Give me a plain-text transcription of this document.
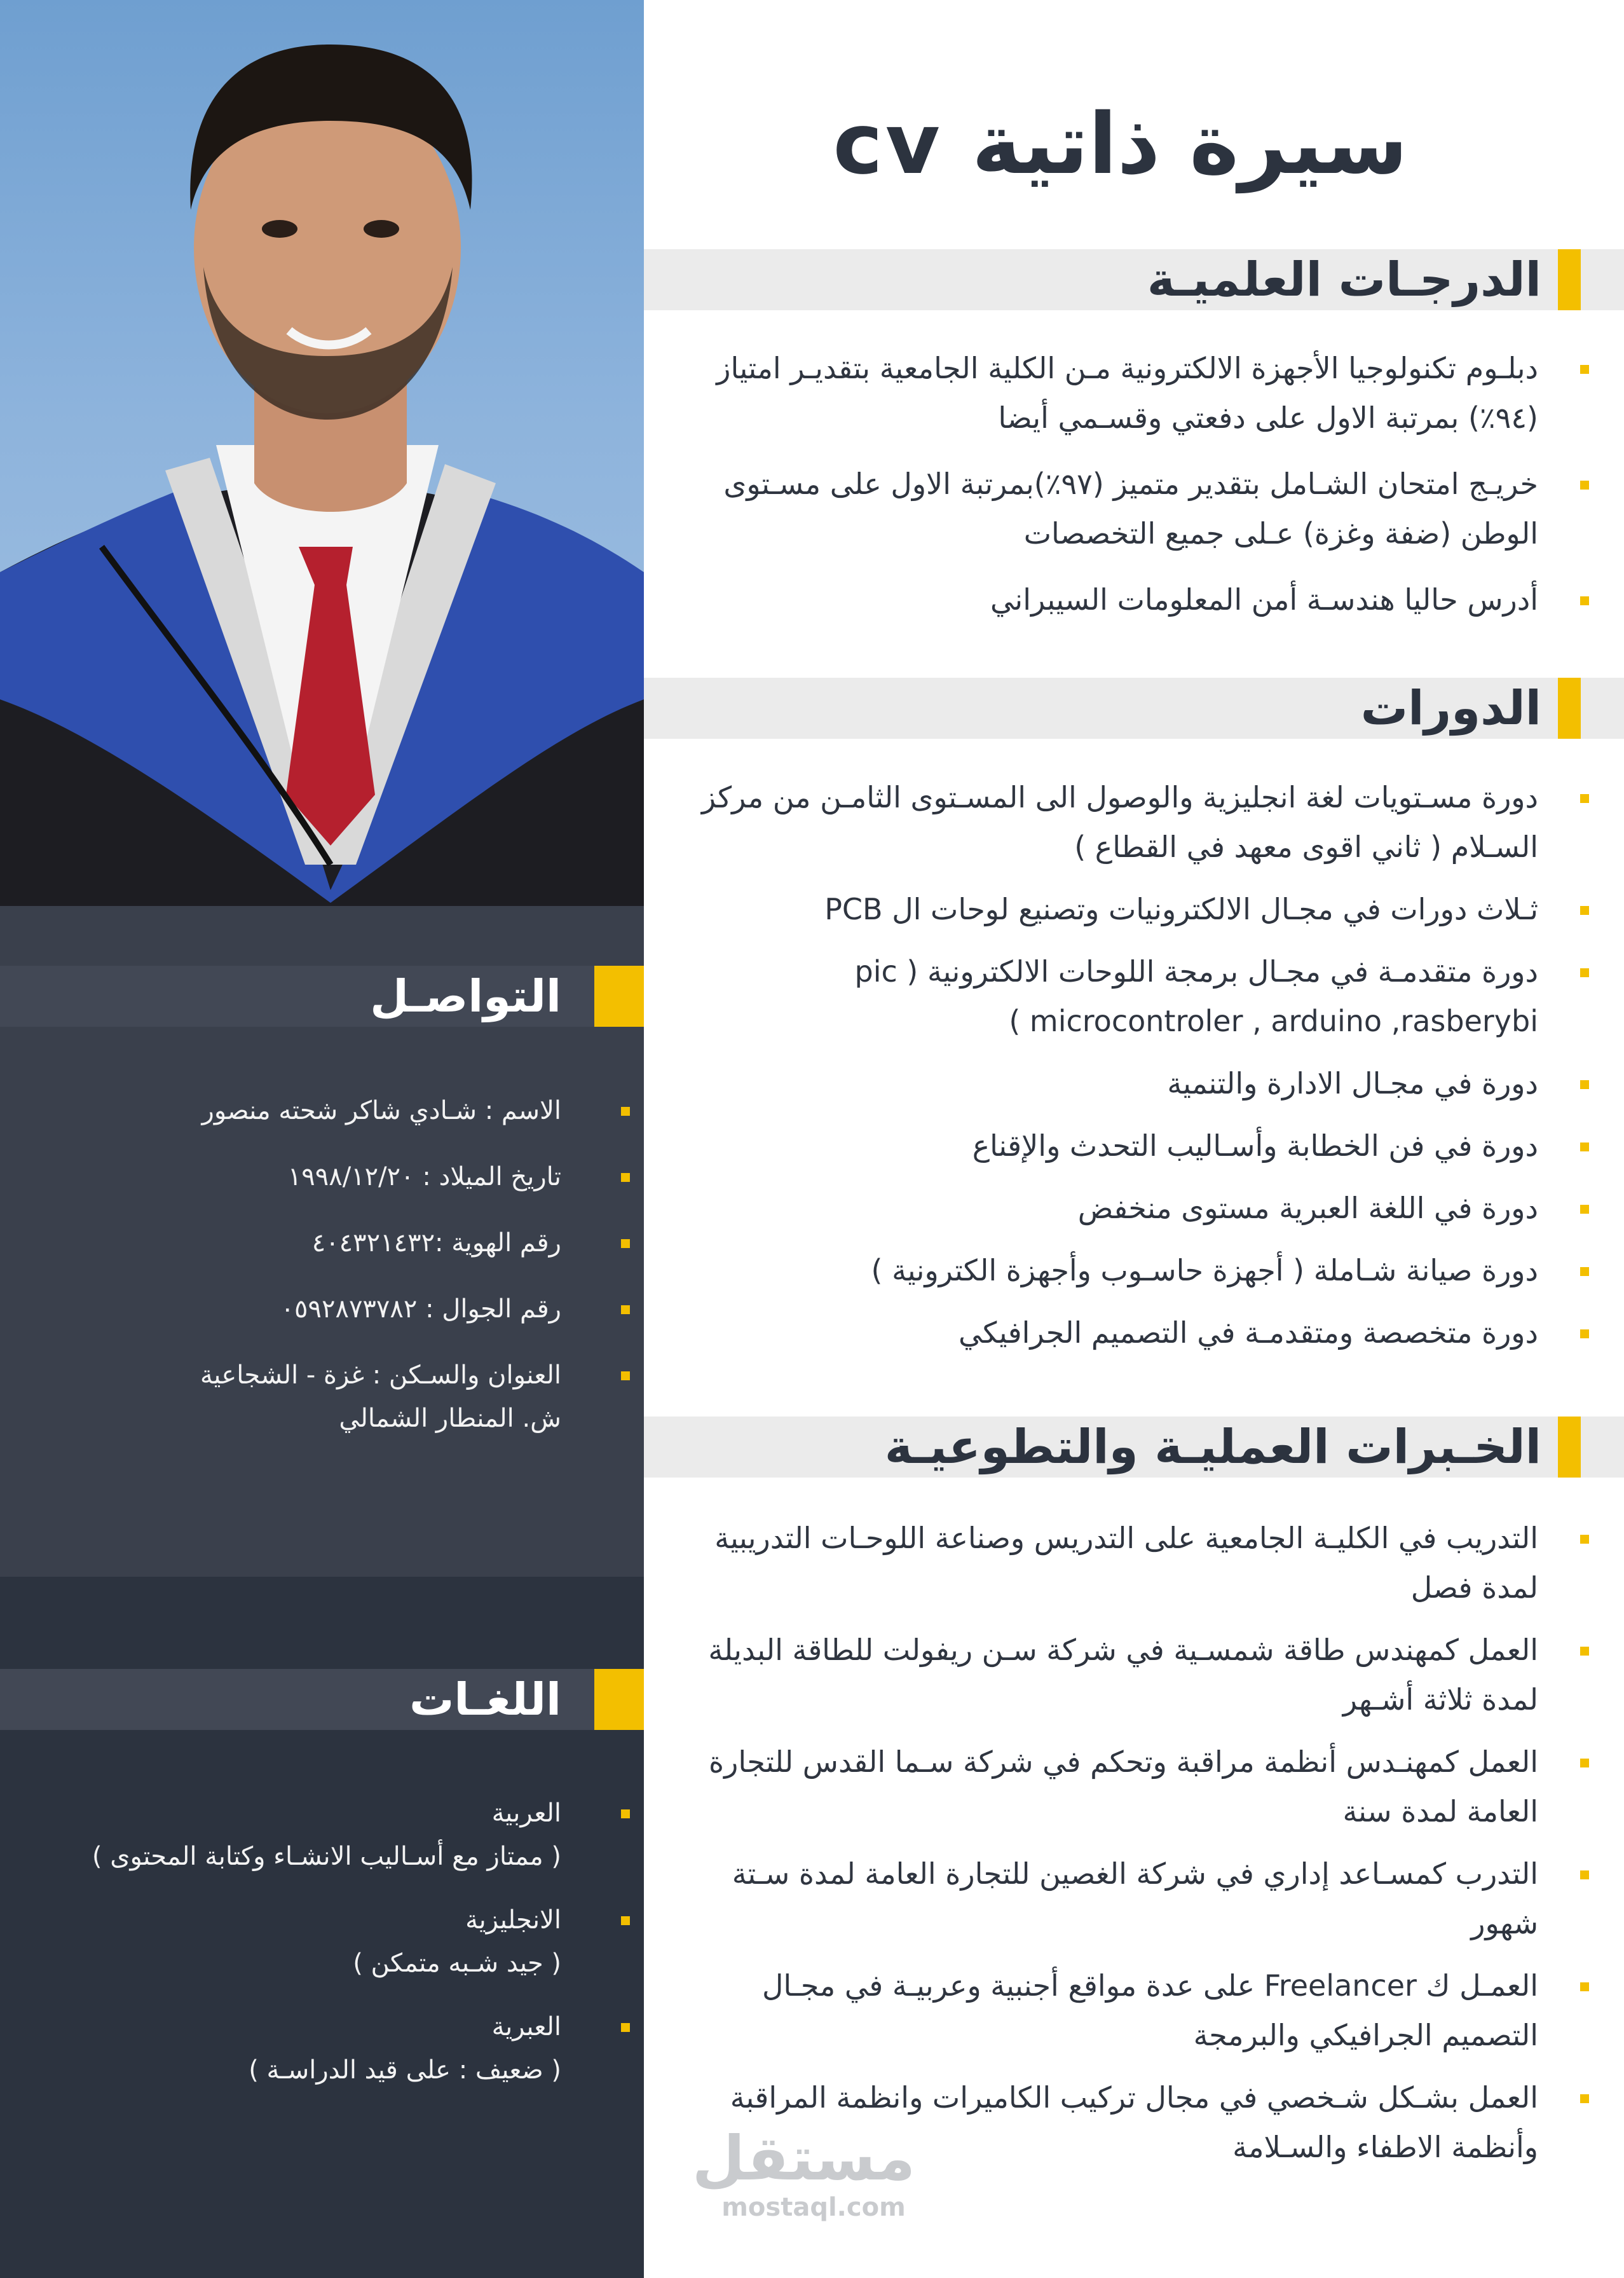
التواصـل
الاسم : شـادي شاكر شحته منصور
تاريخ الميلاد : ١٩٩٨/١٢/٢٠
رقم الهوية :٤٠٤٣٢١٤٣٢
رقم الجوال : ٠٥٩٢٨٧٣٧٨٢
العنوان والسـكن : غزة - الشجاعية ش. المنطار الشمالي
اللغـات
العربية
( ممتاز مع أسـاليب الانشـاء وكتابة المحتوى )
الانجليزية
( جيد شـبه متمكن )
العبرية
( ضعيف : على قيد الدراسـة )
سيرة ذاتية cv
الدرجـات العلميـة
دبلـوم تكنولوجيا الأجهزة الالكترونية مـن الكلية الجامعية بتقديـر امتياز (٩٤٪) بمرتبة الاول على دفعتي وقسـمي أيضا
خريـج امتحان الشـامل بتقدير متميز (٩٧٪)بمرتبة الاول على مسـتوى الوطن (ضفة وغزة) عـلى جميع التخصصات
أدرس حاليا هندسـة أمن المعلومات السيبراني
الدورات
دورة مسـتويات لغة انجليزية والوصول الى المسـتوى الثامـن من مركز السـلام ( ثاني اقوى معهد في القطاع )
ثـلاث دورات في مجـال الالكترونيات وتصنيع لوحات ال PCB
دورة متقدمـة في مجـال برمجة اللوحات الالكترونية ( pic microcontroler , arduino ,rasberybi )
دورة في مجـال الادارة والتنمية
دورة في فن الخطابة وأسـاليب التحدث والإقناع
دورة في اللغة العبرية مستوى منخفض
دورة صيانة شـاملة ( أجهزة حاسـوب وأجهزة الكترونية )
دورة متخصصة ومتقدمـة في التصميم الجرافيكي
الخـبرات العمليـة والتطوعيـة
التدريب في الكليـة الجامعية على التدريس وصناعة اللوحـات التدريبية لمدة فصل
العمل كمهندس طاقة شمسـية في شركة سـن ريفولت للطاقة البديلة لمدة ثلاثة أشـهر
العمل كمهنـدس أنظمة مراقبة وتحكم في شركة سـما القدس للتجارة العامة لمدة سنة
التدرب كمسـاعد إداري في شركة الغصين للتجارة العامة لمدة سـتة شهور
العمـل ك Freelancer على عدة مواقع أجنبية وعربيـة في مجـال التصميم الجرافيكي والبرمجة
العمل بشـكل شـخصي في مجال تركيب الكاميرات وانظمة المراقبة وأنظمة الاطفاء والسـلامة
مستقل
mostaql.com
